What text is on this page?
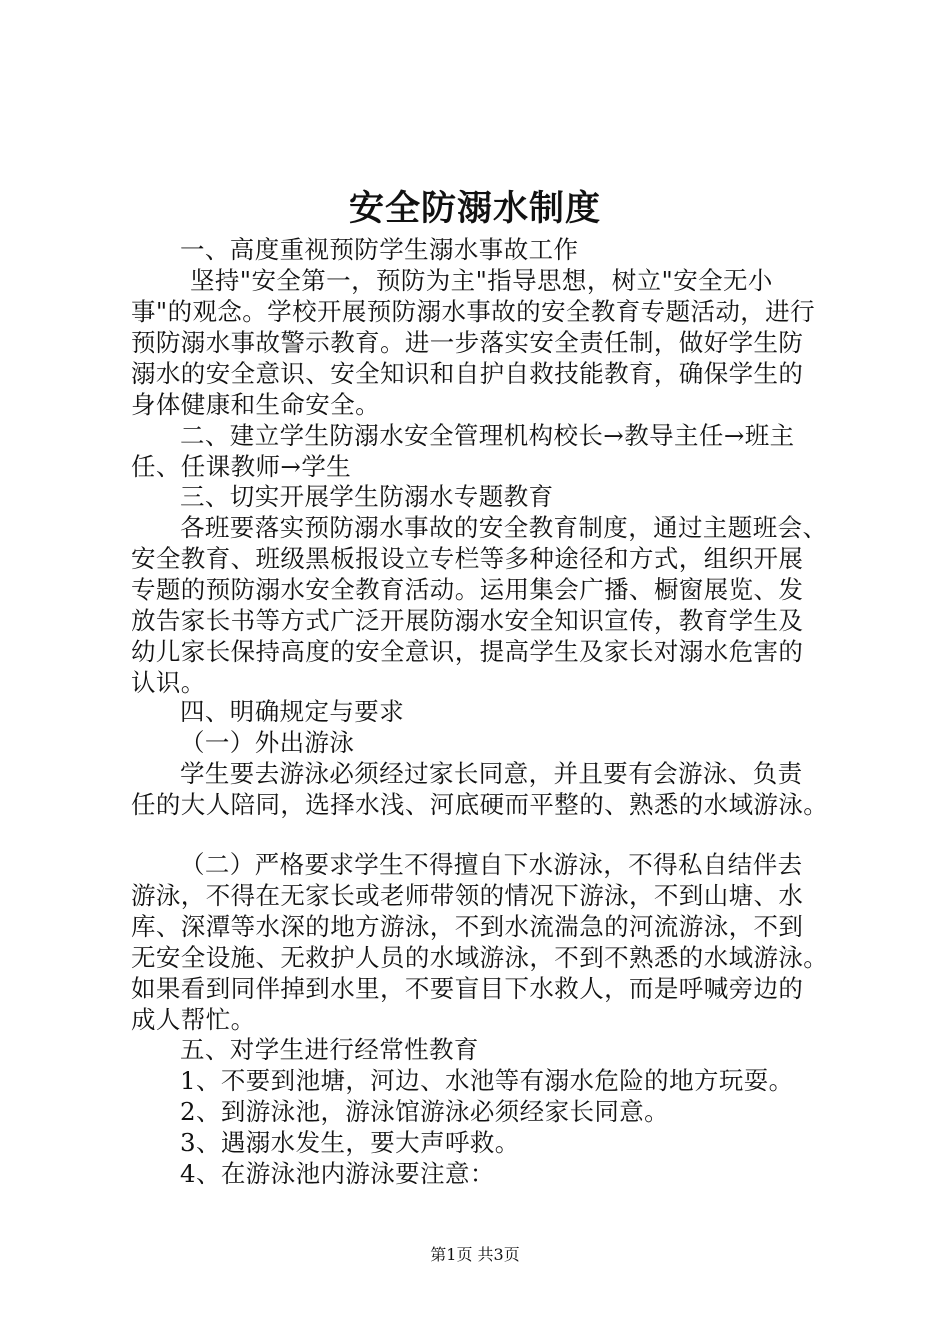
安全防溺水制度
一、高度重视预防学生溺水事故工作
坚持"安全第一，预防为主"指导思想，树立"安全无小
事"的观念。学校开展预防溺水事故的安全教育专题活动，进行
预防溺水事故警示教育。进一步落实安全责任制，做好学生防
溺水的安全意识、安全知识和自护自救技能教育，确保学生的
身体健康和生命安全。
二、建立学生防溺水安全管理机构校长→教导主任→班主
任、任课教师→学生
三、切实开展学生防溺水专题教育
各班要落实预防溺水事故的安全教育制度，通过主题班会、
安全教育、班级黑板报设立专栏等多种途径和方式，组织开展
专题的预防溺水安全教育活动。运用集会广播、橱窗展览、发
放告家长书等方式广泛开展防溺水安全知识宣传，教育学生及
幼儿家长保持高度的安全意识，提高学生及家长对溺水危害的
认识。
四、明确规定与要求
（一）外出游泳
学生要去游泳必须经过家长同意，并且要有会游泳、负责
任的大人陪同，选择水浅、河底硬而平整的、熟悉的水域游泳。
（二）严格要求学生不得擅自下水游泳，不得私自结伴去
游泳，不得在无家长或老师带领的情况下游泳，不到山塘、水
库、深潭等水深的地方游泳，不到水流湍急的河流游泳，不到
无安全设施、无救护人员的水域游泳，不到不熟悉的水域游泳。
如果看到同伴掉到水里，不要盲目下水救人，而是呼喊旁边的
成人帮忙。
五、对学生进行经常性教育
1、不要到池塘，河边、水池等有溺水危险的地方玩耍。
2、到游泳池，游泳馆游泳必须经家长同意。
3、遇溺水发生，要大声呼救。
4、在游泳池内游泳要注意：
第1页 共3页
